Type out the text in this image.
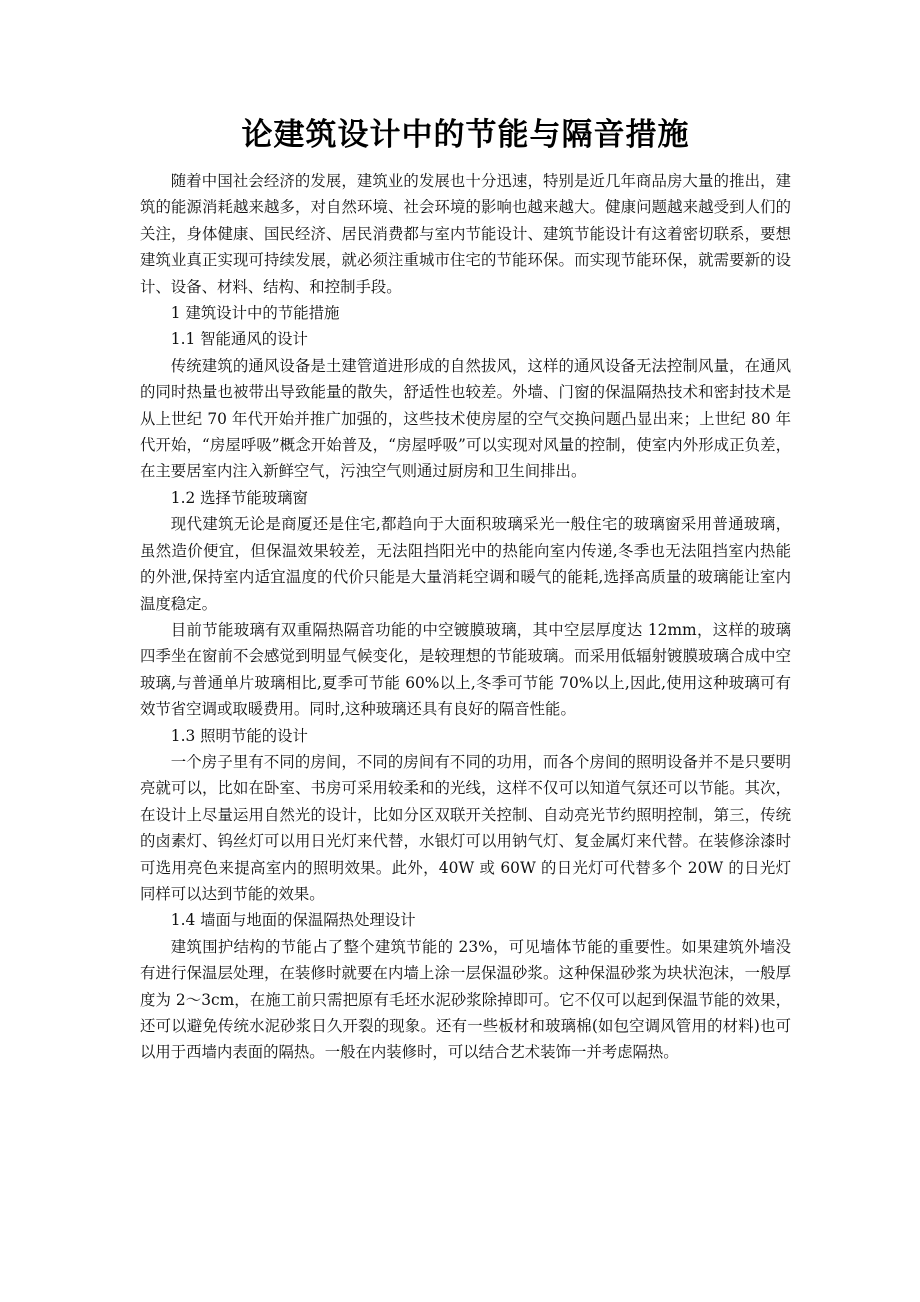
论建筑设计中的节能与隔音措施

随着中国社会经济的发展，建筑业的发展也十分迅速，特别是近几年商品房大量的推出，建筑的能源消耗越来越多，对自然环境、社会环境的影响也越来越大。健康问题越来越受到人们的关注，身体健康、国民经济、居民消费都与室内节能设计、建筑节能设计有这着密切联系，要想建筑业真正实现可持续发展，就必须注重城市住宅的节能环保。而实现节能环保，就需要新的设计、设备、材料、结构、和控制手段。

1 建筑设计中的节能措施

1.1 智能通风的设计

传统建筑的通风设备是土建管道进形成的自然拔风，这样的通风设备无法控制风量，在通风的同时热量也被带出导致能量的散失，舒适性也较差。外墙、门窗的保温隔热技术和密封技术是从上世纪 70 年代开始并推广加强的，这些技术使房屋的空气交换问题凸显出来；上世纪 80 年代开始，“房屋呼吸”概念开始普及，“房屋呼吸”可以实现对风量的控制，使室内外形成正负差，在主要居室内注入新鲜空气，污浊空气则通过厨房和卫生间排出。

1.2 选择节能玻璃窗

现代建筑无论是商厦还是住宅,都趋向于大面积玻璃采光一般住宅的玻璃窗采用普通玻璃，虽然造价便宜，但保温效果较差，无法阻挡阳光中的热能向室内传递,冬季也无法阻挡室内热能的外泄,保持室内适宜温度的代价只能是大量消耗空调和暖气的能耗,选择高质量的玻璃能让室内温度稳定。

目前节能玻璃有双重隔热隔音功能的中空镀膜玻璃，其中空层厚度达 12mm，这样的玻璃四季坐在窗前不会感觉到明显气候变化，是较理想的节能玻璃。而采用低辐射镀膜玻璃合成中空玻璃,与普通单片玻璃相比,夏季可节能 60%以上,冬季可节能 70%以上,因此,使用这种玻璃可有效节省空调或取暖费用。同时,这种玻璃还具有良好的隔音性能。

1.3 照明节能的设计

一个房子里有不同的房间，不同的房间有不同的功用，而各个房间的照明设备并不是只要明亮就可以，比如在卧室、书房可采用较柔和的光线，这样不仅可以知道气氛还可以节能。其次，在设计上尽量运用自然光的设计，比如分区双联开关控制、自动亮光节约照明控制，第三，传统的卤素灯、钨丝灯可以用日光灯来代替，水银灯可以用钠气灯、复金属灯来代替。在装修涂漆时可选用亮色来提高室内的照明效果。此外，40W 或 60W 的日光灯可代替多个 20W 的日光灯同样可以达到节能的效果。

1.4 墙面与地面的保温隔热处理设计

建筑围护结构的节能占了整个建筑节能的 23%，可见墙体节能的重要性。如果建筑外墙没有进行保温层处理，在装修时就要在内墙上涂一层保温砂浆。这种保温砂浆为块状泡沫，一般厚度为 2～3cm，在施工前只需把原有毛坯水泥砂浆除掉即可。它不仅可以起到保温节能的效果，还可以避免传统水泥砂浆日久开裂的现象。还有一些板材和玻璃棉(如包空调风管用的材料)也可以用于西墙内表面的隔热。一般在内装修时，可以结合艺术装饰一并考虑隔热。
